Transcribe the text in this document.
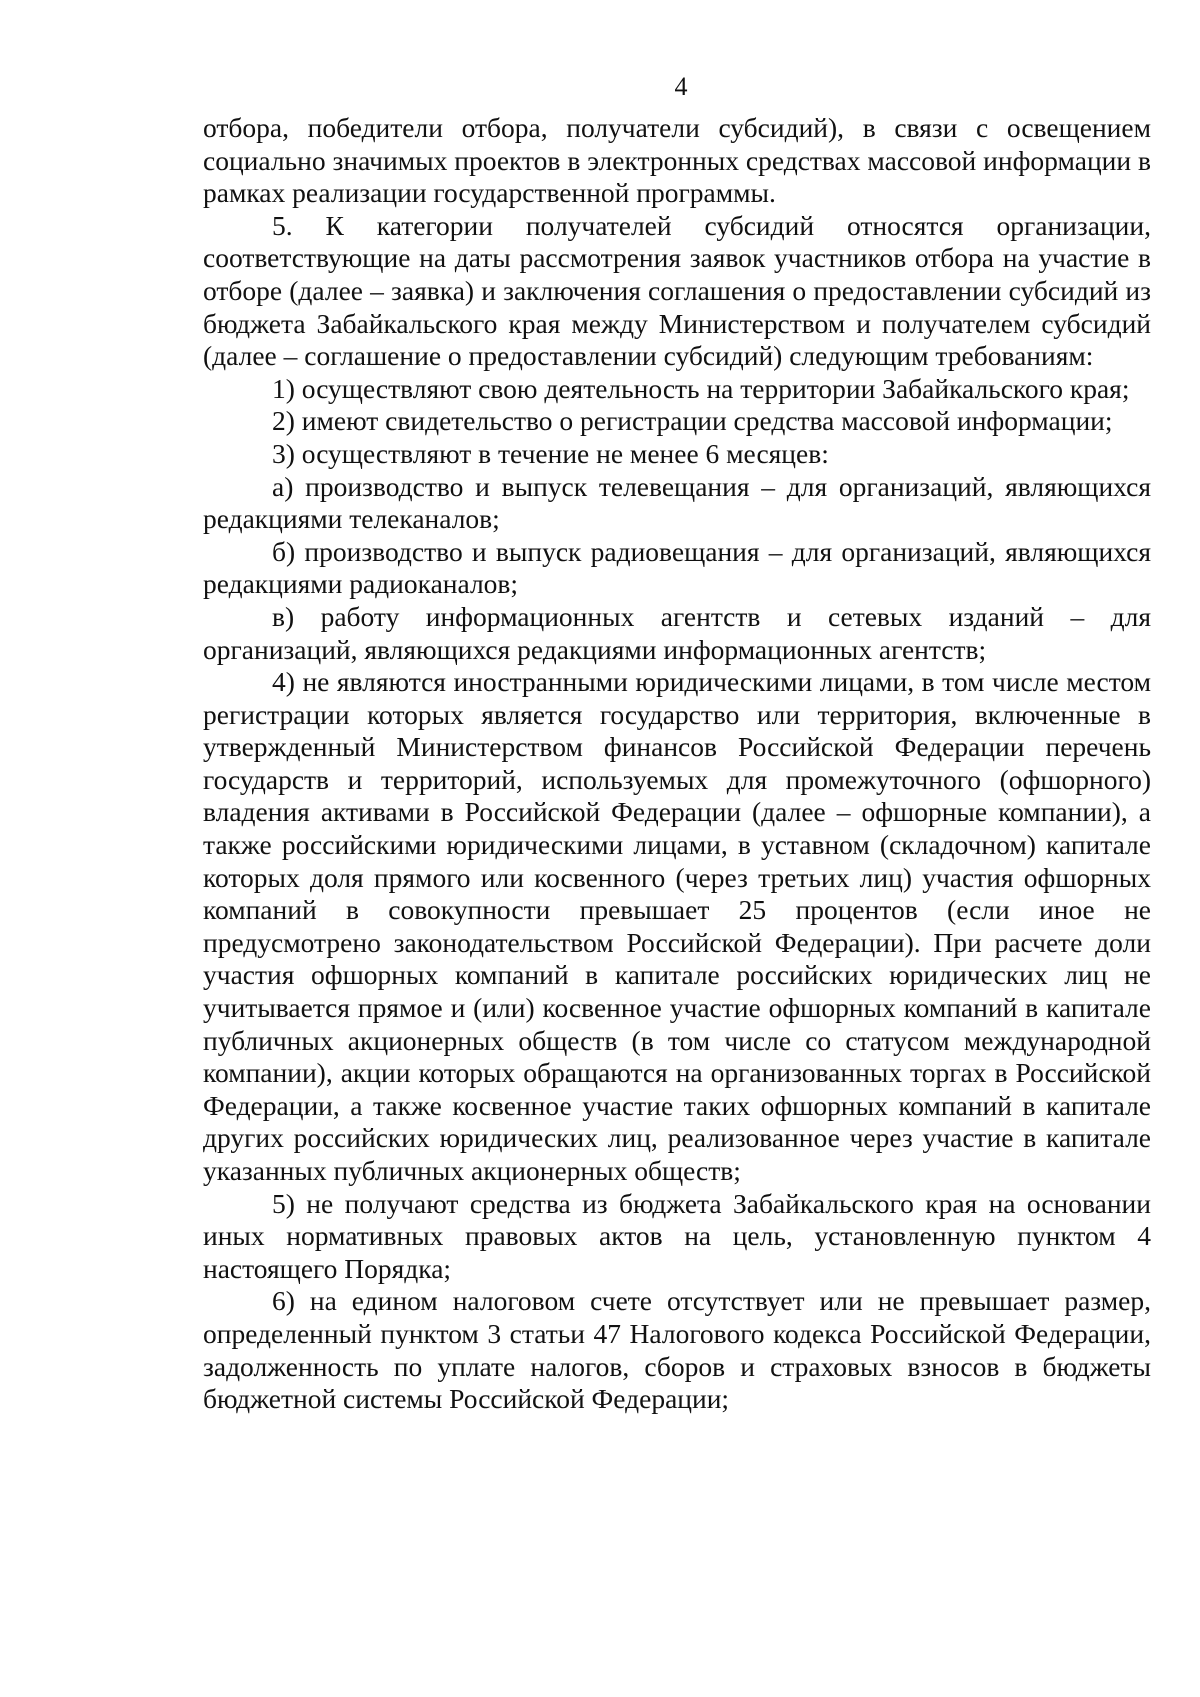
4

отбора, победители отбора, получатели субсидий), в связи с освещением социально значимых проектов в электронных средствах массовой информации в рамках реализации государственной программы.

5. К категории получателей субсидий относятся организации, соответствующие на даты рассмотрения заявок участников отбора на участие в отборе (далее – заявка) и заключения соглашения о предоставлении субсидий из бюджета Забайкальского края между Министерством и получателем субсидий (далее – соглашение о предоставлении субсидий) следующим требованиям:

1) осуществляют свою деятельность на территории Забайкальского края;

2) имеют свидетельство о регистрации средства массовой информации;

3) осуществляют в течение не менее 6 месяцев:

а) производство и выпуск телевещания – для организаций, являющихся редакциями телеканалов;

б) производство и выпуск радиовещания – для организаций, являющихся редакциями радиоканалов;

в) работу информационных агентств и сетевых изданий – для организаций, являющихся редакциями информационных агентств;

4) не являются иностранными юридическими лицами, в том числе местом регистрации которых является государство или территория, включенные в утвержденный Министерством финансов Российской Федерации перечень государств и территорий, используемых для промежуточного (офшорного) владения активами в Российской Федерации (далее – офшорные компании), а также российскими юридическими лицами, в уставном (складочном) капитале которых доля прямого или косвенного (через третьих лиц) участия офшорных компаний в совокупности превышает 25 процентов (если иное не предусмотрено законодательством Российской Федерации). При расчете доли участия офшорных компаний в капитале российских юридических лиц не учитывается прямое и (или) косвенное участие офшорных компаний в капитале публичных акционерных обществ (в том числе со статусом международной компании), акции которых обращаются на организованных торгах в Российской Федерации, а также косвенное участие таких офшорных компаний в капитале других российских юридических лиц, реализованное через участие в капитале указанных публичных акционерных обществ;

5) не получают средства из бюджета Забайкальского края на основании иных нормативных правовых актов на цель, установленную пунктом 4 настоящего Порядка;

6) на едином налоговом счете отсутствует или не превышает размер, определенный пунктом 3 статьи 47 Налогового кодекса Российской Федерации, задолженность по уплате налогов, сборов и страховых взносов в бюджеты бюджетной системы Российской Федерации;
